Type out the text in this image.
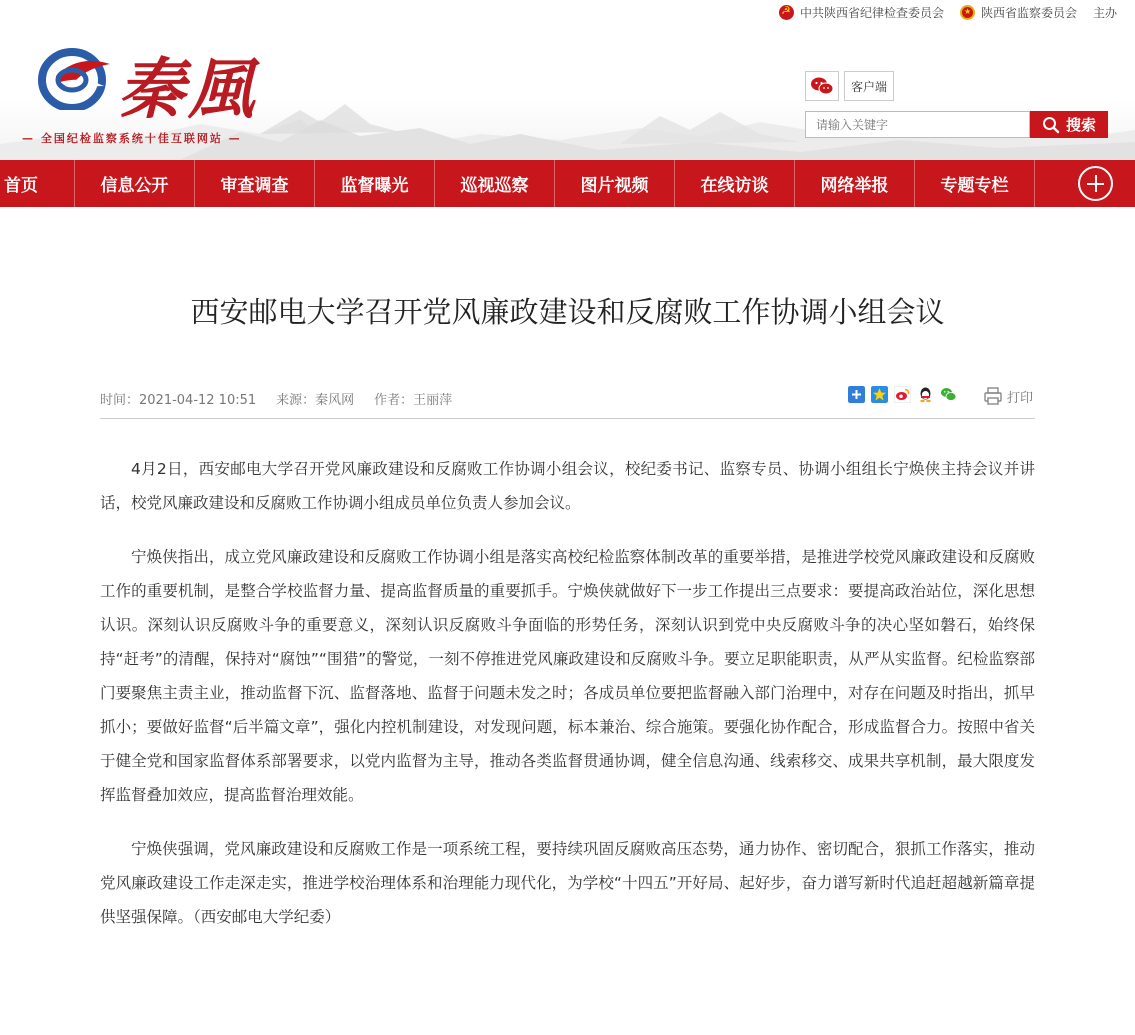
☭
中共陕西省纪律检查委员会
★	陕西省监察委员会 主办
秦風
— 全国纪检监察系统十佳互联网站 —
客户端
请输入关键字
搜索
首页	信息公开	审查调查	监督曝光	巡视巡察	图片视频	在线访谈	网络举报	专题专栏
西安邮电大学召开党风廉政建设和反腐败工作协调小组会议
时间：2021-04-12 10:51 来源：秦风网 作者：王丽萍	打印

4月2日，西安邮电大学召开党风廉政建设和反腐败工作协调小组会议，校纪委书记、监察专员、协调小组组长宁焕侠主持会议并讲话，校党风廉政建设和反腐败工作协调小组成员单位负责人参加会议。

宁焕侠指出，成立党风廉政建设和反腐败工作协调小组是落实高校纪检监察体制改革的重要举措，是推进学校党风廉政建设和反腐败工作的重要机制，是整合学校监督力量、提高监督质量的重要抓手。宁焕侠就做好下一步工作提出三点要求：要提高政治站位，深化思想认识。深刻认识反腐败斗争的重要意义，深刻认识反腐败斗争面临的形势任务，深刻认识到党中央反腐败斗争的决心坚如磐石，始终保持“赶考”的清醒，保持对“腐蚀”“围猎”的警觉，一刻不停推进党风廉政建设和反腐败斗争。要立足职能职责，从严从实监督。纪检监察部门要聚焦主责主业，推动监督下沉、监督落地、监督于问题未发之时；各成员单位要把监督融入部门治理中，对存在问题及时指出，抓早抓小；要做好监督“后半篇文章”，强化内控机制建设，对发现问题，标本兼治、综合施策。要强化协作配合，形成监督合力。按照中省关于健全党和国家监督体系部署要求，以党内监督为主导，推动各类监督贯通协调，健全信息沟通、线索移交、成果共享机制，最大限度发挥监督叠加效应，提高监督治理效能。

宁焕侠强调，党风廉政建设和反腐败工作是一项系统工程，要持续巩固反腐败高压态势，通力协作、密切配合，狠抓工作落实，推动党风廉政建设工作走深走实，推进学校治理体系和治理能力现代化，为学校“十四五”开好局、起好步，奋力谱写新时代追赶超越新篇章提供坚强保障。（西安邮电大学纪委）
